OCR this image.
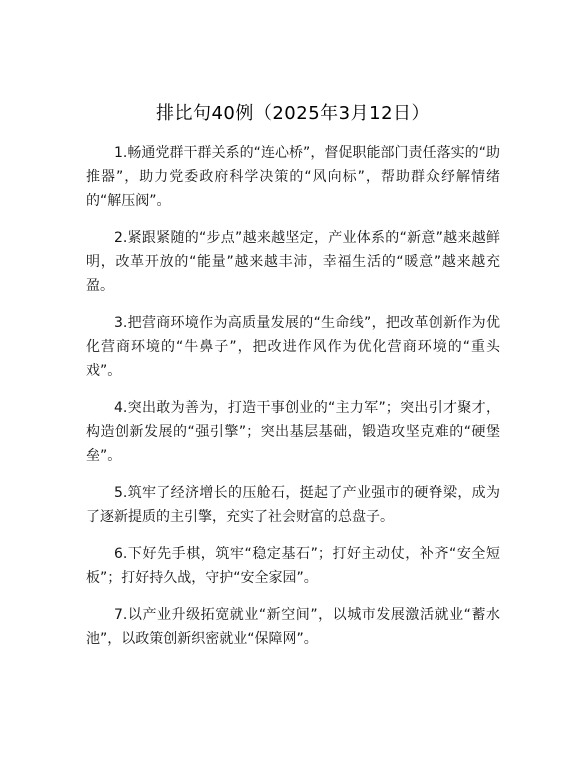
排比句40例（2025年3月12日）

1.畅通党群干群关系的“连心桥”，督促职能部门责任落实的“助推器”，助力党委政府科学决策的“风向标”，帮助群众纾解情绪的“解压阀”。

2.紧跟紧随的“步点”越来越坚定，产业体系的“新意”越来越鲜明，改革开放的“能量”越来越丰沛，幸福生活的“暖意”越来越充盈。

3.把营商环境作为高质量发展的“生命线”，把改革创新作为优化营商环境的“牛鼻子”，把改进作风作为优化营商环境的“重头戏”。

4.突出敢为善为，打造干事创业的“主力军”；突出引才聚才，构造创新发展的“强引擎”；突出基层基础，锻造攻坚克难的“硬堡垒”。

5.筑牢了经济增长的压舱石，挺起了产业强市的硬脊梁，成为了逐新提质的主引擎，充实了社会财富的总盘子。

6.下好先手棋，筑牢“稳定基石”；打好主动仗，补齐“安全短板”；打好持久战，守护“安全家园”。

7.以产业升级拓宽就业“新空间”，以城市发展激活就业“蓄水池”，以政策创新织密就业“保障网”。
